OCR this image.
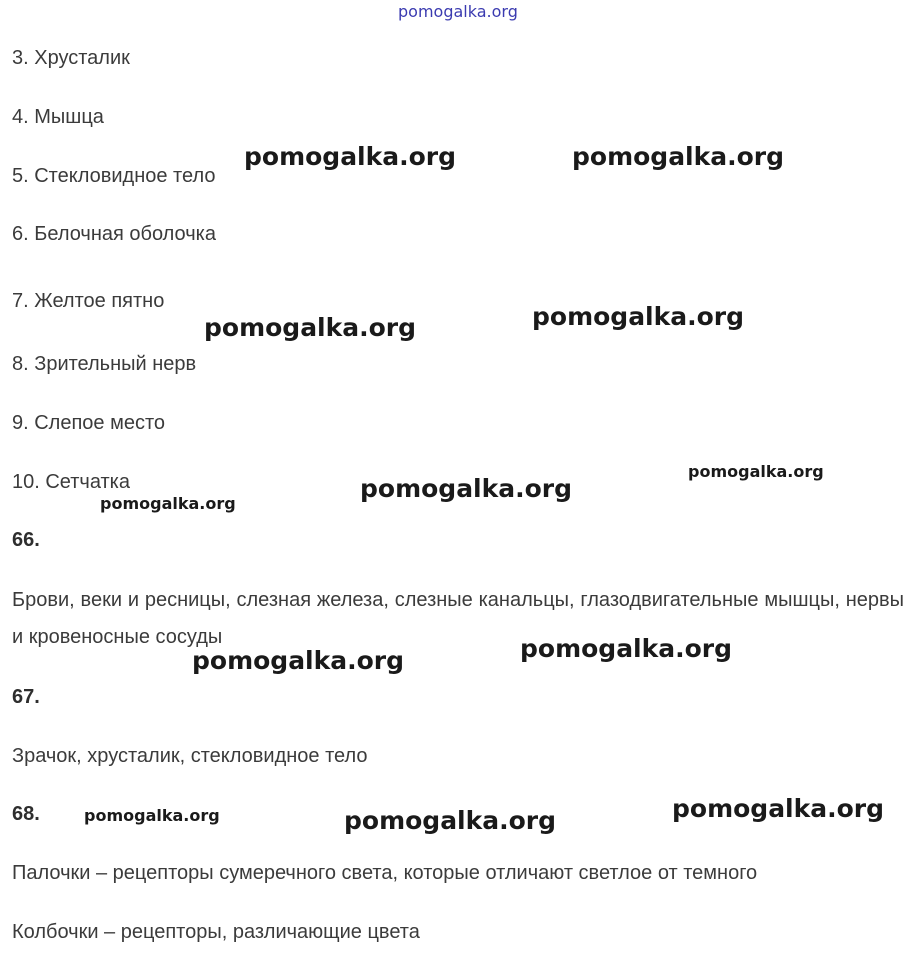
pomogalka.org
3. Хрусталик
4. Мышца
5. Стекловидное тело
6. Белочная оболочка
7. Желтое пятно
8. Зрительный нерв
9. Слепое место
10. Сетчатка
66.
Брови, веки и ресницы, слезная железа, слезные канальцы, глазодвигательные мышцы, нервы и кровеносные сосуды
67.
Зрачок, хрусталик, стекловидное тело
68.
Палочки – рецепторы сумеречного света, которые отличают светлое от темного
Колбочки – рецепторы, различающие цвета
pomogalka.org	pomogalka.org
pomogalka.org	pomogalka.org
pomogalka.org
pomogalka.org
pomogalka.org
pomogalka.org	pomogalka.org
pomogalka.org	pomogalka.org	pomogalka.org
